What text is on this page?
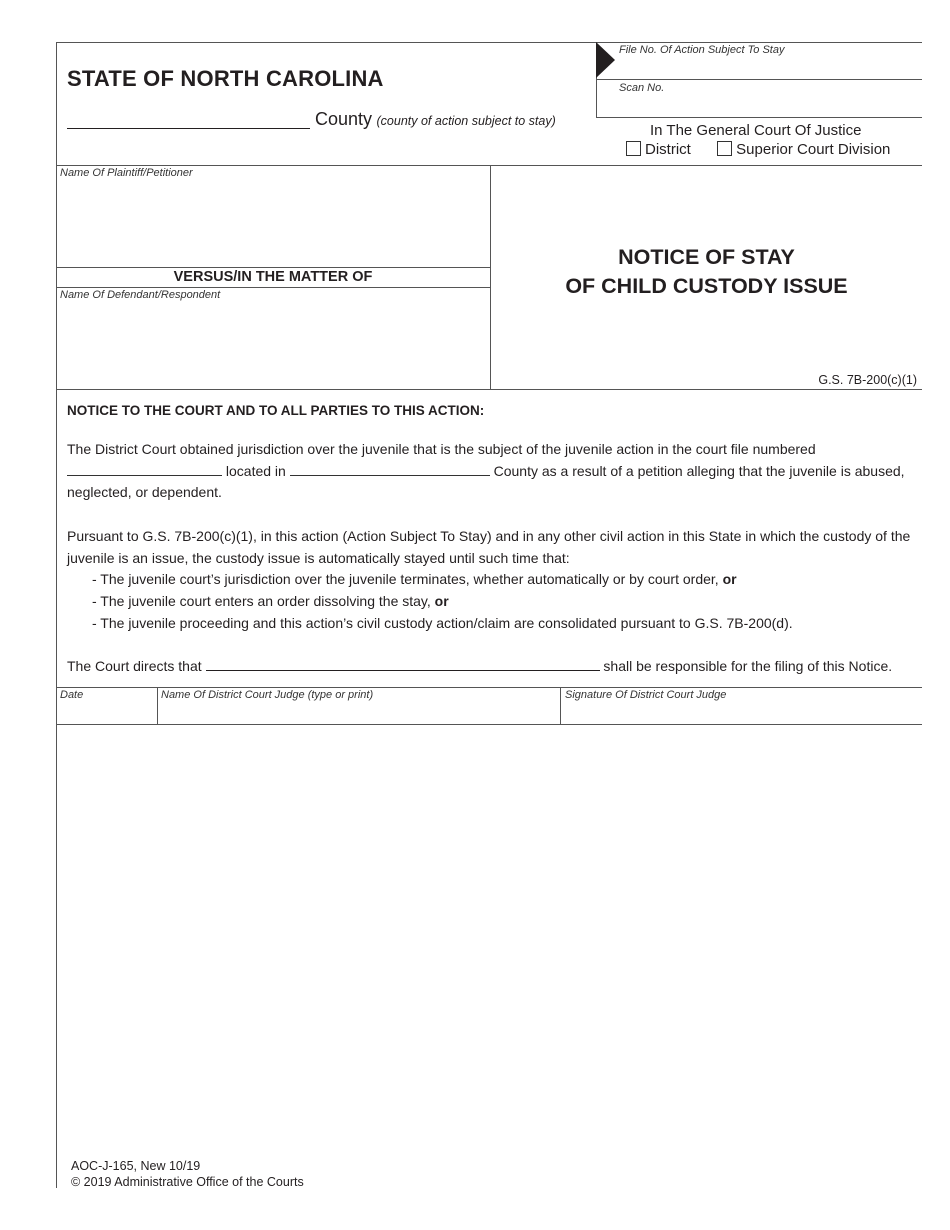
File No. Of Action Subject To Stay
Scan No.
STATE OF NORTH CAROLINA
County (county of action subject to stay)
In The General Court Of Justice
District	Superior Court Division
Name Of Plaintiff/Petitioner
VERSUS/IN THE MATTER OF
Name Of Defendant/Respondent
NOTICE OF STAY
OF CHILD CUSTODY ISSUE
G.S. 7B-200(c)(1)
NOTICE TO THE COURT AND TO ALL PARTIES TO THIS ACTION:
The District Court obtained jurisdiction over the juvenile that is the subject of the juvenile action in the court file numbered
located in	County as a result of a petition alleging that the juvenile is abused,
neglected, or dependent.
Pursuant to G.S. 7B-200(c)(1), in this action (Action Subject To Stay) and in any other civil action in this State in which the custody of the
juvenile is an issue, the custody issue is automatically stayed until such time that:
- The juvenile court’s jurisdiction over the juvenile terminates, whether automatically or by court order, or
- The juvenile court enters an order dissolving the stay, or
- The juvenile proceeding and this action’s civil custody action/claim are consolidated pursuant to G.S. 7B-200(d).
The Court directs that	shall be responsible for the filing of this Notice.
Date	Name Of District Court Judge (type or print)	Signature Of District Court Judge
AOC-J-165, New 10/19
© 2019 Administrative Office of the Courts
